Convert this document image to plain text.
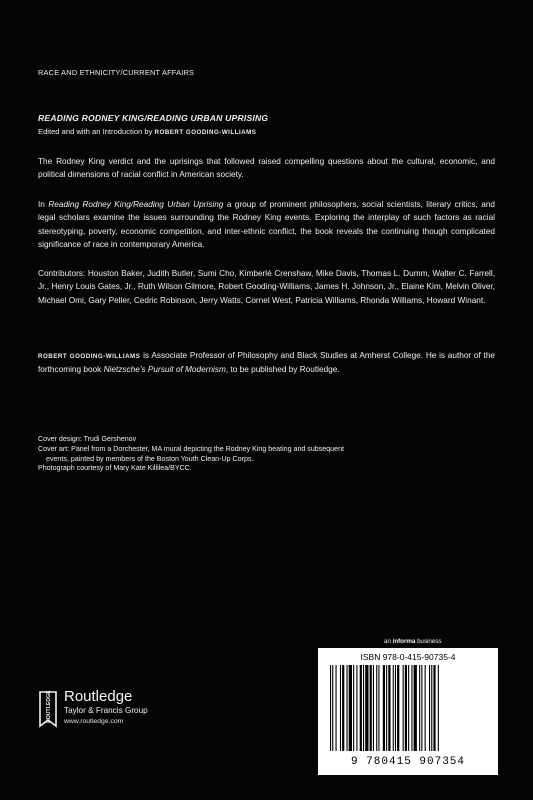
RACE AND ETHNICITY/CURRENT AFFAIRS
READING RODNEY KING/READING URBAN UPRISING
Edited and with an Introduction by ROBERT GOODING-WILLIAMS
The Rodney King verdict and the uprisings that followed raised compelling questions about the cultural, economic, and political dimensions of racial conflict in American society.
In Reading Rodney King/Reading Urban Uprising a group of prominent philosophers, social scientists, literary critics, and legal scholars examine the issues surrounding the Rodney King events. Exploring the interplay of such factors as racial stereotyping, poverty, economic competition, and inter-ethnic conflict, the book reveals the continuing though complicated significance of race in contemporary America.
Contributors: Houston Baker, Judith Butler, Sumi Cho, Kimberlé Crenshaw, Mike Davis, Thomas L. Dumm, Walter C. Farrell, Jr., Henry Louis Gates, Jr., Ruth Wilson Gilmore, Robert Gooding-Williams, James H. Johnson, Jr., Elaine Kim, Melvin Oliver, Michael Omi, Gary Peller, Cedric Robinson, Jerry Watts, Cornel West, Patricia Williams, Rhonda Williams, Howard Winant.
ROBERT GOODING-WILLIAMS is Associate Professor of Philosophy and Black Studies at Amherst College. He is author of the forthcoming book Nietzsche’s Pursuit of Modernism, to be published by Routledge.
Cover design: Trudi Gershenov
Cover art: Panel from a Dorchester, MA mural depicting the Rodney King beating and subsequent
events, painted by members of the Boston Youth Clean-Up Corps.
Photograph courtesy of Mary Kate Killilea/BYCC.
an informa business
ISBN 978-0-415-90735-4
9 780415 907354
ROUTLEDGE Routledge
Taylor & Francis Group
www.routledge.com
